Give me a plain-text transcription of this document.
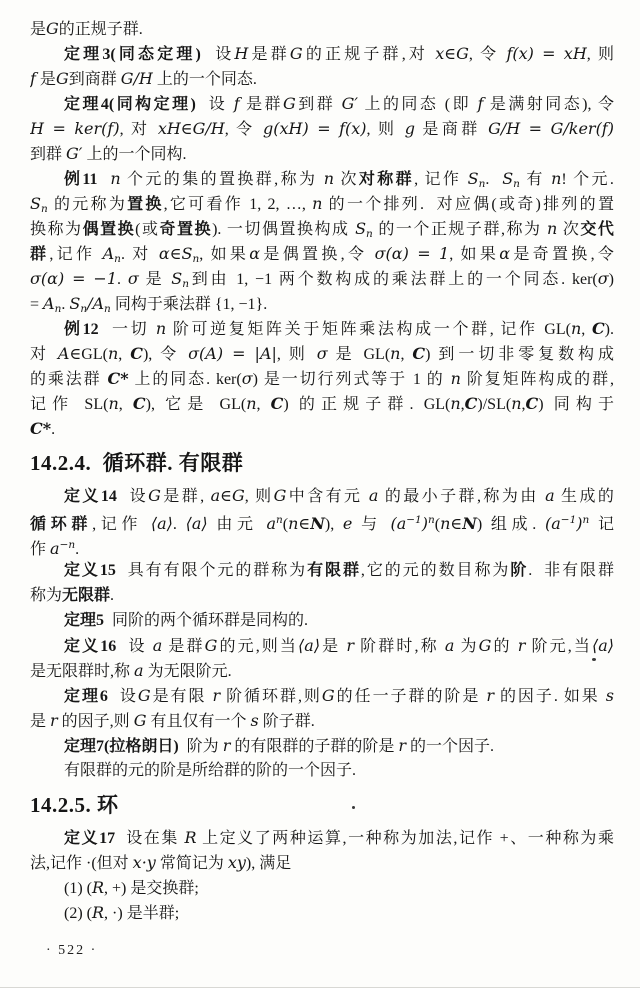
是G的正规子群.
定理3(同态定理)  设H是群G的正规子群,对 x∈G, 令 f(x) = xH, 则
f 是G到商群 G/H 上的一个同态.
定理4(同构定理)  设 f 是群G到群 G′ 上的同态 (即 f 是满射同态), 令
H = ker(f), 对 xH∈G/H, 令 g(xH) = f(x), 则 g 是商群 G/H = G/ker(f)
到群 G′ 上的一个同构.
例11 n 个元的集的置换群,称为 n 次对称群, 记作 Sn.  Sn 有 n! 个元.
Sn 的元称为置换,它可看作 1, 2, …, n 的一个排列.  对应偶(或奇)排列的置
换称为偶置换(或奇置换). 一切偶置换构成 Sn 的一个正规子群,称为 n 次交代
群,记作 An. 对 α∈Sn, 如果α是偶置换,令 σ(α) = 1, 如果α是奇置换,令
σ(α) = −1. σ 是 Sn到由 1, −1 两个数构成的乘法群上的一个同态. ker(σ)
= An. Sn/An 同构于乘法群 {1, −1}.
例12  一切 n 阶可逆复矩阵关于矩阵乘法构成一个群, 记作 GL(n, C).
对 A∈GL(n, C), 令 σ(A) = |A|, 则 σ 是 GL(n, C) 到一切非零复数构成
的乘法群 C* 上的同态. ker(σ) 是一切行列式等于 1 的 n 阶复矩阵构成的群,
记作 SL(n, C), 它是 GL(n, C) 的正规子群. GL(n,C)/SL(n,C) 同构于
C*.
14.2.4.  循环群. 有限群
定义14  设G是群, a∈G, 则G中含有元 a 的最小子群,称为由 a 生成的
循环群,记作 ⟨a⟩. ⟨a⟩ 由元 $a^n(n\in N)$, e 与 $(a^{-1})^n(n\in N)$ 组成. $(a^{-1})^n$ 记
作 $a^{-n}$.
定义15  具有有限个元的群称为有限群,它的元的数目称为阶.  非有限群
称为无限群.
定理5  同阶的两个循环群是同构的.
定义16  设 a 是群G的元,则当⟨a⟩是 r 阶群时,称 a 为G的 r 阶元,当⟨a⟩
是无限群时,称 a 为无限阶元.
定理6  设G是有限 r 阶循环群,则G的任一子群的阶是 r 的因子. 如果 s
是 r 的因子,则 G 有且仅有一个 s 阶子群.
定理7(拉格朗日)  阶为 r 的有限群的子群的阶是 r 的一个因子.
有限群的元的阶是所给群的阶的一个因子.
14.2.5. 环
定义17  设在集 R 上定义了两种运算,一种称为加法,记作 +、一种称为乘
法,记作 ·(但对 x·y 常简记为 xy), 满足
(1) (R, +) 是交换群;
(2) (R, ·) 是半群;
· 522 ·
